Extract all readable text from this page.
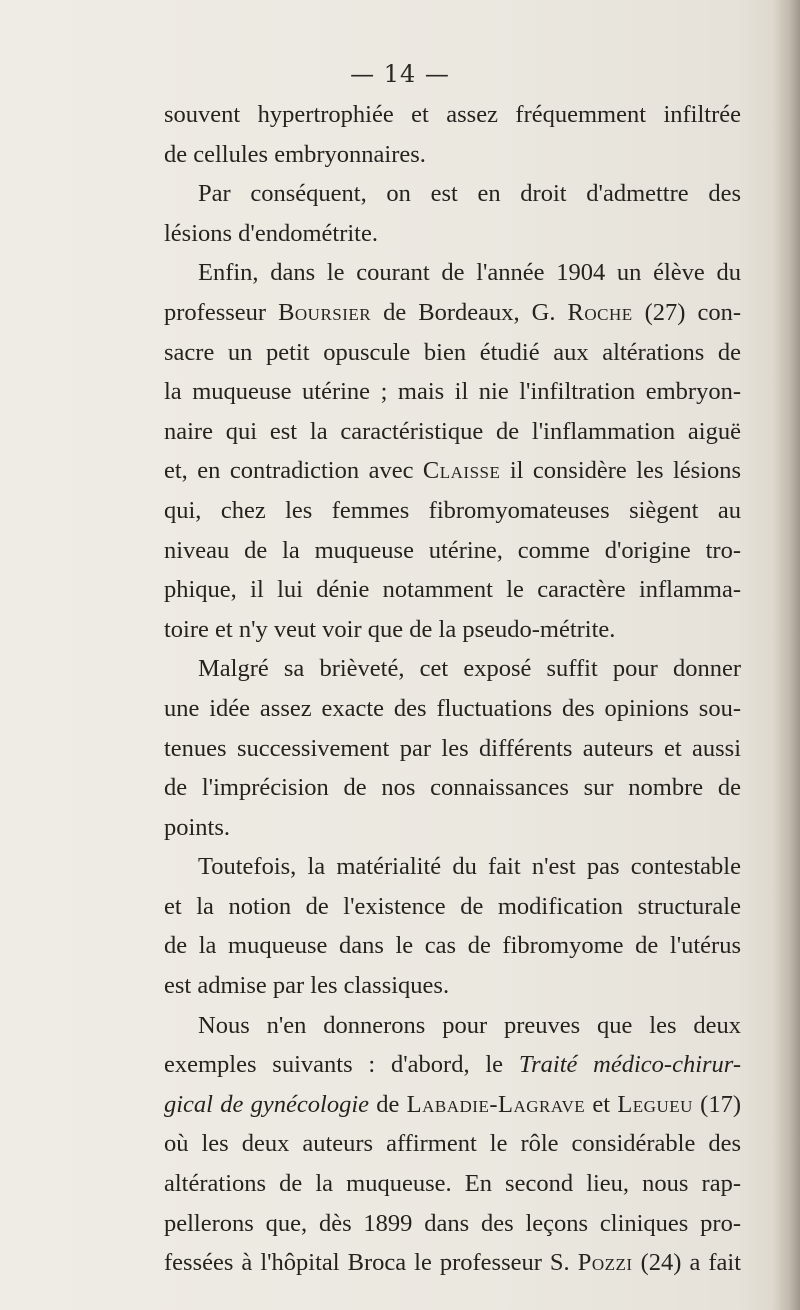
— 14 —
souvent hypertrophiée et assez fréquemment infiltrée
de cellules embryonnaires.
Par conséquent, on est en droit d'admettre des
lésions d'endométrite.
Enfin, dans le courant de l'année 1904 un élève du
professeur Boursier de Bordeaux, G. Roche (27) con-
sacre un petit opuscule bien étudié aux altérations de
la muqueuse utérine ; mais il nie l'infiltration embryon-
naire qui est la caractéristique de l'inflammation aiguë
et, en contradiction avec Claisse il considère les lésions
qui, chez les femmes fibromyomateuses siègent au
niveau de la muqueuse utérine, comme d'origine tro-
phique, il lui dénie notamment le caractère inflamma-
toire et n'y veut voir que de la pseudo-métrite.
Malgré sa brièveté, cet exposé suffit pour donner
une idée assez exacte des fluctuations des opinions sou-
tenues successivement par les différents auteurs et aussi
de l'imprécision de nos connaissances sur nombre de
points.
Toutefois, la matérialité du fait n'est pas contestable
et la notion de l'existence de modification structurale
de la muqueuse dans le cas de fibromyome de l'utérus
est admise par les classiques.
Nous n'en donnerons pour preuves que les deux
exemples suivants : d'abord, le Traité médico-chirur-
gical de gynécologie de Labadie-Lagrave et Legueu (17)
où les deux auteurs affirment le rôle considérable des
altérations de la muqueuse. En second lieu, nous rap-
pellerons que, dès 1899 dans des leçons cliniques pro-
fessées à l'hôpital Broca le professeur S. Pozzi (24) a fait
